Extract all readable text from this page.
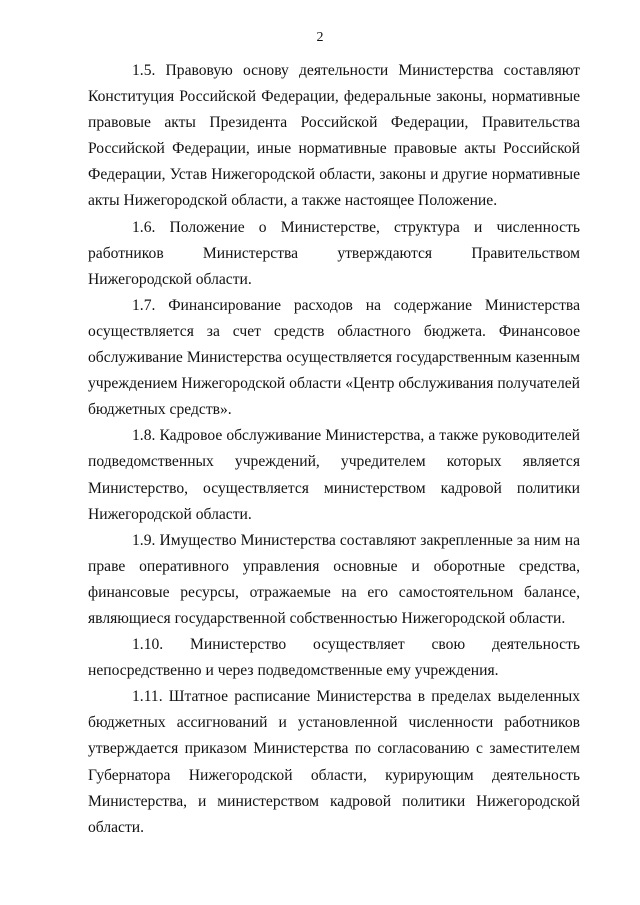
2

1.5. Правовую основу деятельности Министерства составляют Конституция Российской Федерации, федеральные законы, нормативные правовые акты Президента Российской Федерации, Правительства Российской Федерации, иные нормативные правовые акты Российской Федерации, Устав Нижегородской области, законы и другие нормативные акты Нижегородской области, а также настоящее Положение.

1.6. Положение о Министерстве, структура и численность работников Министерства утверждаются Правительством Нижегородской области.

1.7. Финансирование расходов на содержание Министерства осуществляется за счет средств областного бюджета. Финансовое обслуживание Министерства осуществляется государственным казенным учреждением Нижегородской области «Центр обслуживания получателей бюджетных средств».

1.8. Кадровое обслуживание Министерства, а также руководителей подведомственных учреждений, учредителем которых является Министерство, осуществляется министерством кадровой политики Нижегородской области.

1.9. Имущество Министерства составляют закрепленные за ним на праве оперативного управления основные и оборотные средства, финансовые ресурсы, отражаемые на его самостоятельном балансе, являющиеся государственной собственностью Нижегородской области.

1.10. Министерство осуществляет свою деятельность непосредственно и через подведомственные ему учреждения.

1.11. Штатное расписание Министерства в пределах выделенных бюджетных ассигнований и установленной численности работников утверждается приказом Министерства по согласованию с заместителем Губернатора Нижегородской области, курирующим деятельность Министерства, и министерством кадровой политики Нижегородской области.
